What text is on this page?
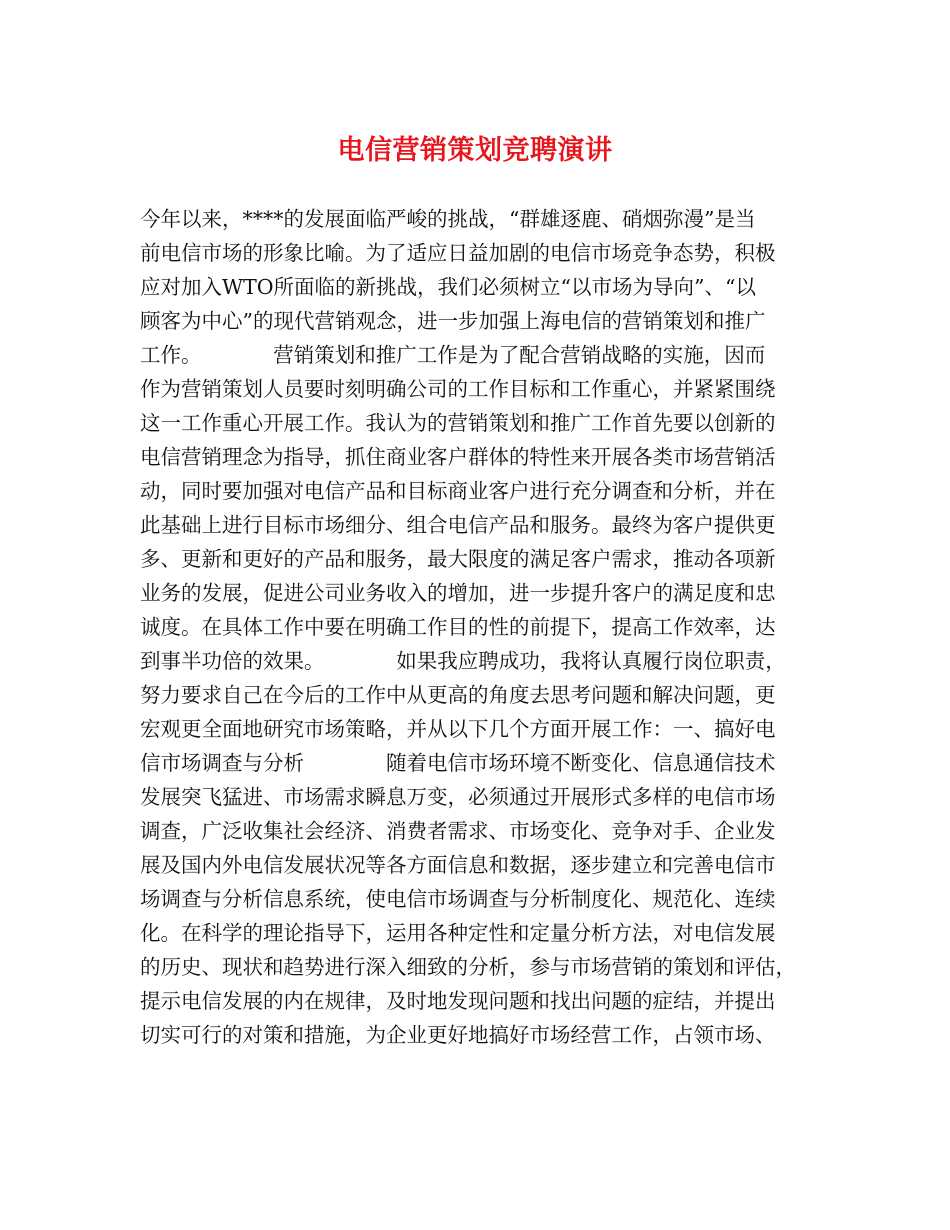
电信营销策划竞聘演讲
今年以来，****的发展面临严峻的挑战，“群雄逐鹿、硝烟弥漫”是当
前电信市场的形象比喻。为了适应日益加剧的电信市场竞争态势，积极
应对加入WTO所面临的新挑战，我们必须树立“以市场为导向”、“以
顾客为中心”的现代营销观念，进一步加强上海电信的营销策划和推广
工作。　　　　营销策划和推广工作是为了配合营销战略的实施，因而
作为营销策划人员要时刻明确公司的工作目标和工作重心，并紧紧围绕
这一工作重心开展工作。我认为的营销策划和推广工作首先要以创新的
电信营销理念为指导，抓住商业客户群体的特性来开展各类市场营销活
动，同时要加强对电信产品和目标商业客户进行充分调查和分析，并在
此基础上进行目标市场细分、组合电信产品和服务。最终为客户提供更
多、更新和更好的产品和服务，最大限度的满足客户需求，推动各项新
业务的发展，促进公司业务收入的增加，进一步提升客户的满足度和忠
诚度。在具体工作中要在明确工作目的性的前提下，提高工作效率，达
到事半功倍的效果。　　　　如果我应聘成功，我将认真履行岗位职责，
努力要求自己在今后的工作中从更高的角度去思考问题和解决问题，更
宏观更全面地研究市场策略，并从以下几个方面开展工作：一、搞好电
信市场调查与分析　　　　随着电信市场环境不断变化、信息通信技术
发展突飞猛进、市场需求瞬息万变，必须通过开展形式多样的电信市场
调查，广泛收集社会经济、消费者需求、市场变化、竞争对手、企业发
展及国内外电信发展状况等各方面信息和数据，逐步建立和完善电信市
场调查与分析信息系统，使电信市场调查与分析制度化、规范化、连续
化。在科学的理论指导下，运用各种定性和定量分析方法，对电信发展
的历史、现状和趋势进行深入细致的分析，参与市场营销的策划和评估，
提示电信发展的内在规律，及时地发现问题和找出问题的症结，并提出
切实可行的对策和措施，为企业更好地搞好市场经营工作，占领市场、
